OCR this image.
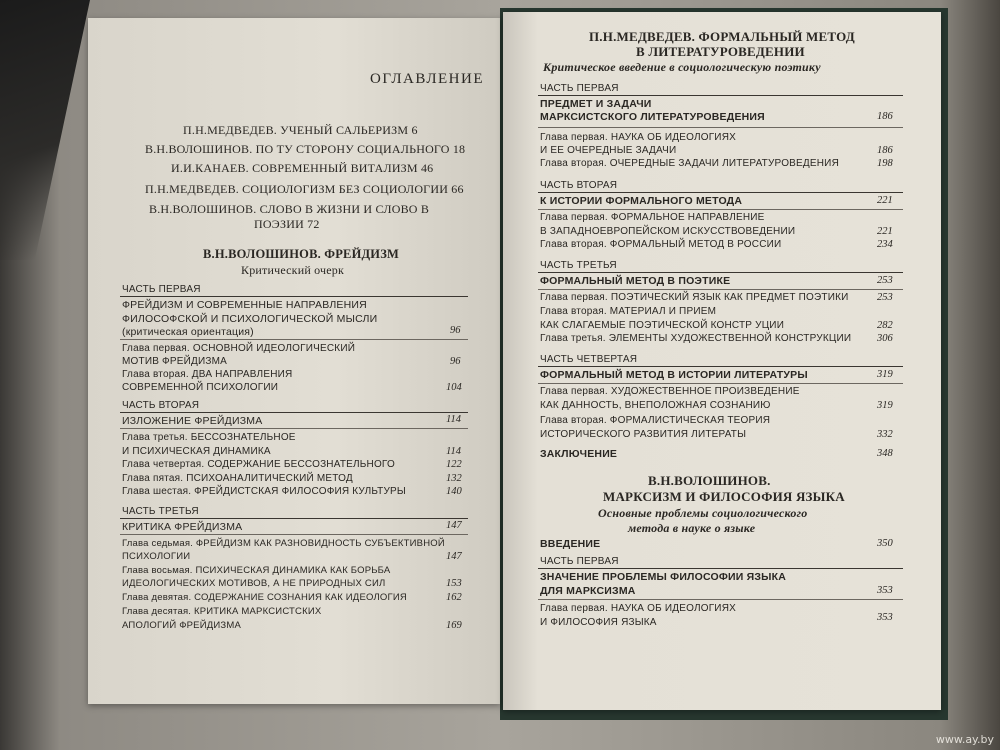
ОГЛАВЛЕНИЕ
П.Н.МЕДВЕДЕВ. УЧЕНЫЙ САЛЬЕРИЗМ 6
В.Н.ВОЛОШИНОВ. ПО ТУ СТОРОНУ СОЦИАЛЬНОГО 18
И.И.КАНАЕВ. СОВРЕМЕННЫЙ ВИТАЛИЗМ 46
П.Н.МЕДВЕДЕВ. СОЦИОЛОГИЗМ БЕЗ СОЦИОЛОГИИ 66
В.Н.ВОЛОШИНОВ. СЛОВО В ЖИЗНИ И СЛОВО В
ПОЭЗИИ 72
В.Н.ВОЛОШИНОВ. ФРЕЙДИЗМ
Критический очерк
ЧАСТЬ ПЕРВАЯ
ФРЕЙДИЗМ И СОВРЕМЕННЫЕ НАПРАВЛЕНИЯ
ФИЛОСОФСКОЙ И ПСИХОЛОГИЧЕСКОЙ МЫСЛИ
(критическая ориентация)	96
Глава первая. ОСНОВНОЙ ИДЕОЛОГИЧЕСКИЙ
МОТИВ ФРЕЙДИЗМА	96
Глава вторая. ДВА НАПРАВЛЕНИЯ
СОВРЕМЕННОЙ ПСИХОЛОГИИ	104
ЧАСТЬ ВТОРАЯ
ИЗЛОЖЕНИЕ ФРЕЙДИЗМА	114
Глава третья. БЕССОЗНАТЕЛЬНОЕ
И ПСИХИЧЕСКАЯ ДИНАМИКА	114
Глава четвертая. СОДЕРЖАНИЕ БЕССОЗНАТЕЛЬНОГО	122
Глава пятая. ПСИХОАНАЛИТИЧЕСКИЙ МЕТОД	132
Глава шестая. ФРЕЙДИСТСКАЯ ФИЛОСОФИЯ КУЛЬТУРЫ	140
ЧАСТЬ ТРЕТЬЯ
КРИТИКА ФРЕЙДИЗМА	147
Глава седьмая. ФРЕЙДИЗМ КАК РАЗНОВИДНОСТЬ СУБЪЕКТИВНОЙ
ПСИХОЛОГИИ	147
Глава восьмая. ПСИХИЧЕСКАЯ ДИНАМИКА КАК БОРЬБА
ИДЕОЛОГИЧЕСКИХ МОТИВОВ, А НЕ ПРИРОДНЫХ СИЛ	153
Глава девятая. СОДЕРЖАНИЕ СОЗНАНИЯ КАК ИДЕОЛОГИЯ	162
Глава десятая. КРИТИКА МАРКСИСТСКИХ
АПОЛОГИЙ ФРЕЙДИЗМА	169
П.Н.МЕДВЕДЕВ. ФОРМАЛЬНЫЙ МЕТОД
В ЛИТЕРАТУРОВЕДЕНИИ
Критическое введение в социологическую поэтику
ЧАСТЬ ПЕРВАЯ
ПРЕДМЕТ И ЗАДАЧИ
МАРКСИСТСКОГО ЛИТЕРАТУРОВЕДЕНИЯ	186
Глава первая. НАУКА ОБ ИДЕОЛОГИЯХ
И ЕЕ ОЧЕРЕДНЫЕ ЗАДАЧИ	186
Глава вторая. ОЧЕРЕДНЫЕ ЗАДАЧИ ЛИТЕРАТУРОВЕДЕНИЯ	198
ЧАСТЬ ВТОРАЯ
К ИСТОРИИ ФОРМАЛЬНОГО МЕТОДА	221
Глава первая. ФОРМАЛЬНОЕ НАПРАВЛЕНИЕ
В ЗАПАДНОЕВРОПЕЙСКОМ ИСКУССТВОВЕДЕНИИ	221
Глава вторая. ФОРМАЛЬНЫЙ МЕТОД В РОССИИ	234
ЧАСТЬ ТРЕТЬЯ
ФОРМАЛЬНЫЙ МЕТОД В ПОЭТИКЕ	253
Глава первая. ПОЭТИЧЕСКИЙ ЯЗЫК КАК ПРЕДМЕТ ПОЭТИКИ	253
Глава вторая. МАТЕРИАЛ И ПРИЕМ
КАК СЛАГАЕМЫЕ ПОЭТИЧЕСКОЙ КОНСТР УЦИИ	282
Глава третья. ЭЛЕМЕНТЫ ХУДОЖЕСТВЕННОЙ КОНСТРУКЦИИ 306
ЧАСТЬ ЧЕТВЕРТАЯ
ФОРМАЛЬНЫЙ МЕТОД В ИСТОРИИ ЛИТЕРАТУРЫ	319
Глава первая. ХУДОЖЕСТВЕННОЕ ПРОИЗВЕДЕНИЕ
КАК ДАННОСТЬ, ВНЕПОЛОЖНАЯ СОЗНАНИЮ	319
Глава вторая. ФОРМАЛИСТИЧЕСКАЯ ТЕОРИЯ
ИСТОРИЧЕСКОГО РАЗВИТИЯ ЛИТЕРАТЫ	332
ЗАКЛЮЧЕНИЕ	348
В.Н.ВОЛОШИНОВ.
МАРКСИЗМ И ФИЛОСОФИЯ ЯЗЫКА
Основные проблемы социологического
метода в науке о языке
ВВЕДЕНИЕ	350
ЧАСТЬ ПЕРВАЯ
ЗНАЧЕНИЕ ПРОБЛЕМЫ ФИЛОСОФИИ ЯЗЫКА
ДЛЯ МАРКСИЗМА	353
Глава первая. НАУКА ОБ ИДЕОЛОГИЯХ
И ФИЛОСОФИЯ ЯЗЫКА	353
www.ay.by
